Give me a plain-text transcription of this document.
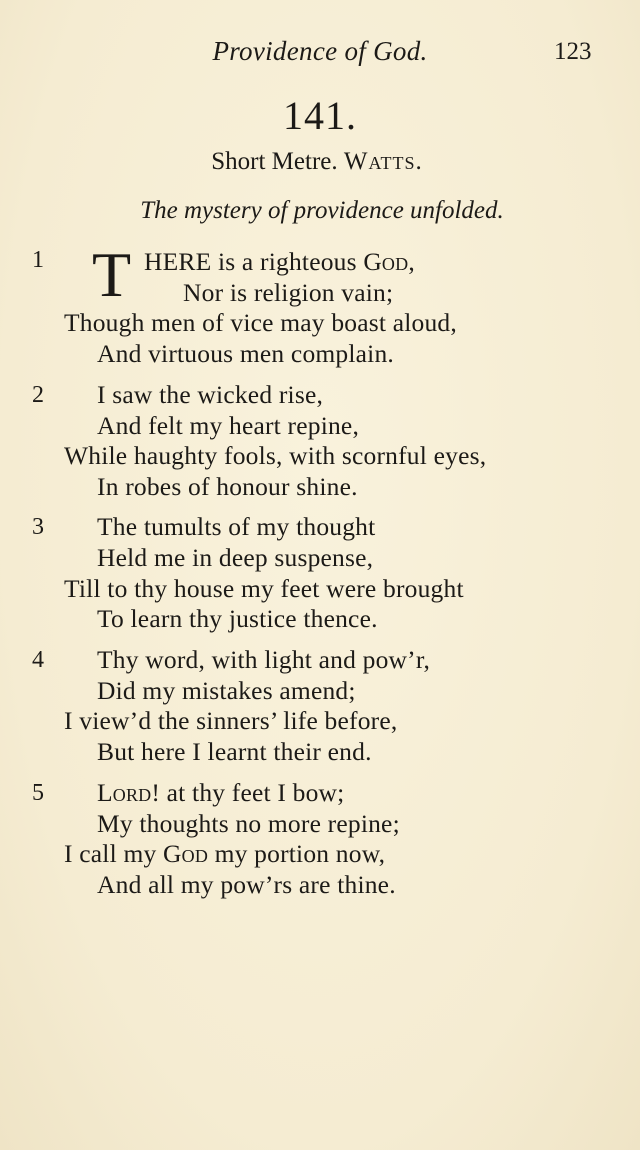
Providence of God.	123
141.
Short Metre. Watts.
The mystery of providence unfolded.
1 T HERE is a righteous God,
Nor is religion vain;
Though men of vice may boast aloud,
And virtuous men complain.
2 I saw the wicked rise,
And felt my heart repine,
While haughty fools, with scornful eyes,
In robes of honour shine.
3 The tumults of my thought
Held me in deep suspense,
Till to thy house my feet were brought
To learn thy justice thence.
4 Thy word, with light and pow’r,
Did my mistakes amend;
I view’d the sinners’ life before,
But here I learnt their end.
5 Lord! at thy feet I bow;
My thoughts no more repine;
I call my God my portion now,
And all my pow’rs are thine.
